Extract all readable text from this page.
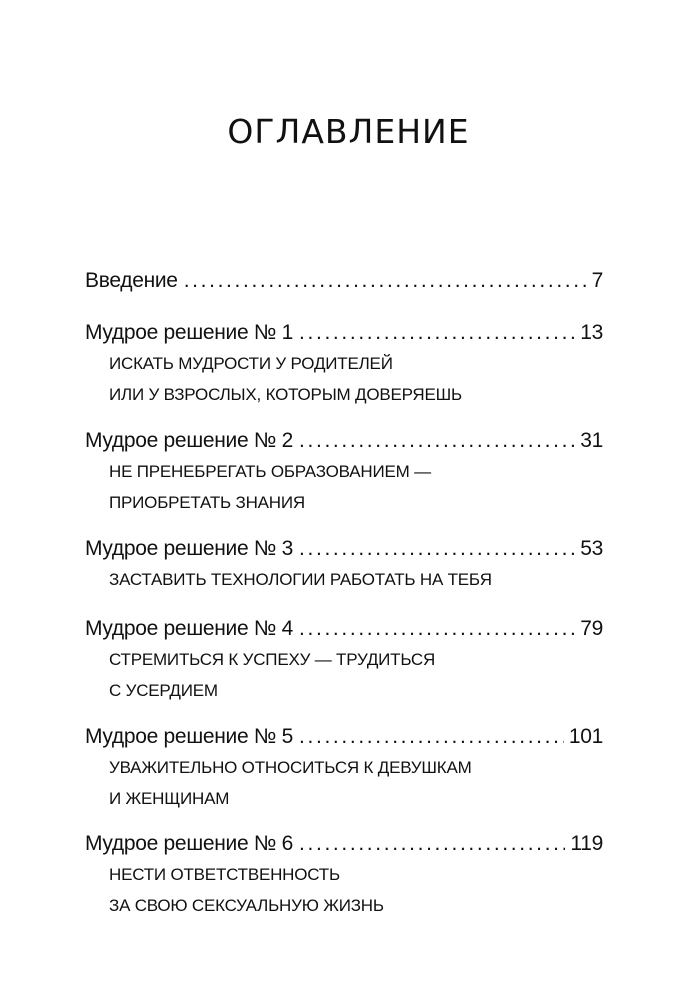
ОГЛАВЛЕНИЕ
Введение . . .	7
Мудрое решение № 1 . . .	13
ИСКАТЬ МУДРОСТИ У РОДИТЕЛЕЙ
ИЛИ У ВЗРОСЛЫХ, КОТОРЫМ ДОВЕРЯЕШЬ
Мудрое решение № 2 . . .	31
НЕ ПРЕНЕБРЕГАТЬ ОБРАЗОВАНИЕМ —
ПРИОБРЕТАТЬ ЗНАНИЯ
Мудрое решение № 3 . . .	53
ЗАСТАВИТЬ ТЕХНОЛОГИИ РАБОТАТЬ НА ТЕБЯ
Мудрое решение № 4 . . .	79
СТРЕМИТЬСЯ К УСПЕХУ — ТРУДИТЬСЯ
С УСЕРДИЕМ
Мудрое решение № 5 . . .	101
УВАЖИТЕЛЬНО ОТНОСИТЬСЯ К ДЕВУШКАМ
И ЖЕНЩИНАМ
Мудрое решение № 6 . . .	119
НЕСТИ ОТВЕТСТВЕННОСТЬ
ЗА СВОЮ СЕКСУАЛЬНУЮ ЖИЗНЬ
